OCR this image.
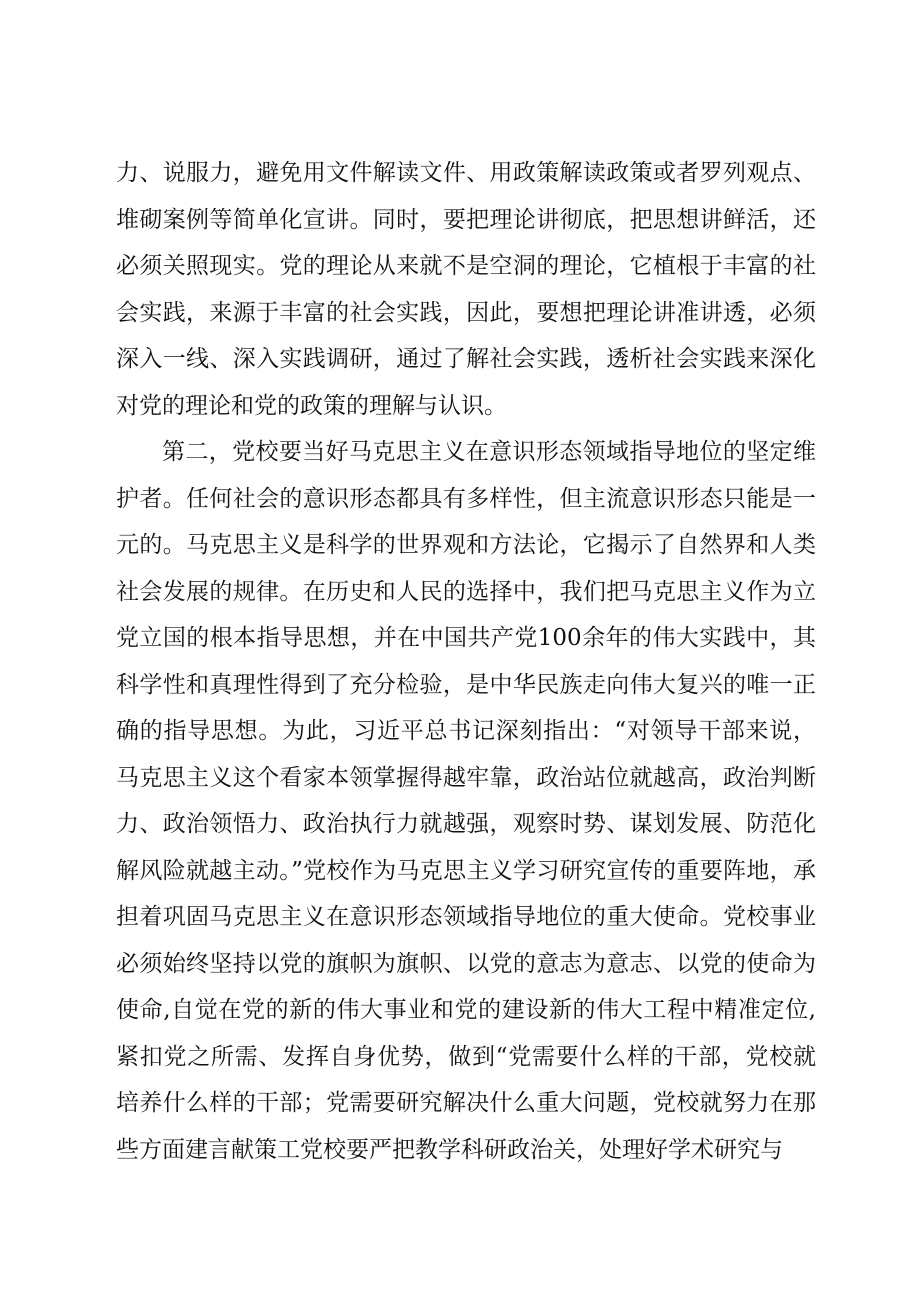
力、说服力，避免用文件解读文件、用政策解读政策或者罗列观点、堆砌案例等简单化宣讲。同时，要把理论讲彻底，把思想讲鲜活，还必须关照现实。党的理论从来就不是空洞的理论，它植根于丰富的社会实践，来源于丰富的社会实践，因此，要想把理论讲准讲透，必须深入一线、深入实践调研，通过了解社会实践，透析社会实践来深化对党的理论和党的政策的理解与认识。

第二，党校要当好马克思主义在意识形态领域指导地位的坚定维护者。任何社会的意识形态都具有多样性，但主流意识形态只能是一元的。马克思主义是科学的世界观和方法论，它揭示了自然界和人类社会发展的规律。在历史和人民的选择中，我们把马克思主义作为立党立国的根本指导思想，并在中国共产党100余年的伟大实践中，其科学性和真理性得到了充分检验，是中华民族走向伟大复兴的唯一正确的指导思想。为此，习近平总书记深刻指出：“对领导干部来说，马克思主义这个看家本领掌握得越牢靠，政治站位就越高，政治判断力、政治领悟力、政治执行力就越强，观察时势、谋划发展、防范化解风险就越主动。”党校作为马克思主义学习研究宣传的重要阵地，承担着巩固马克思主义在意识形态领域指导地位的重大使命。党校事业必须始终坚持以党的旗帜为旗帜、以党的意志为意志、以党的使命为使命,自觉在党的新的伟大事业和党的建设新的伟大工程中精准定位,紧扣党之所需、发挥自身优势，做到“党需要什么样的干部，党校就培养什么样的干部；党需要研究解决什么重大问题，党校就努力在那些方面建言献策工党校要严把教学科研政治关，处理好学术研究与
